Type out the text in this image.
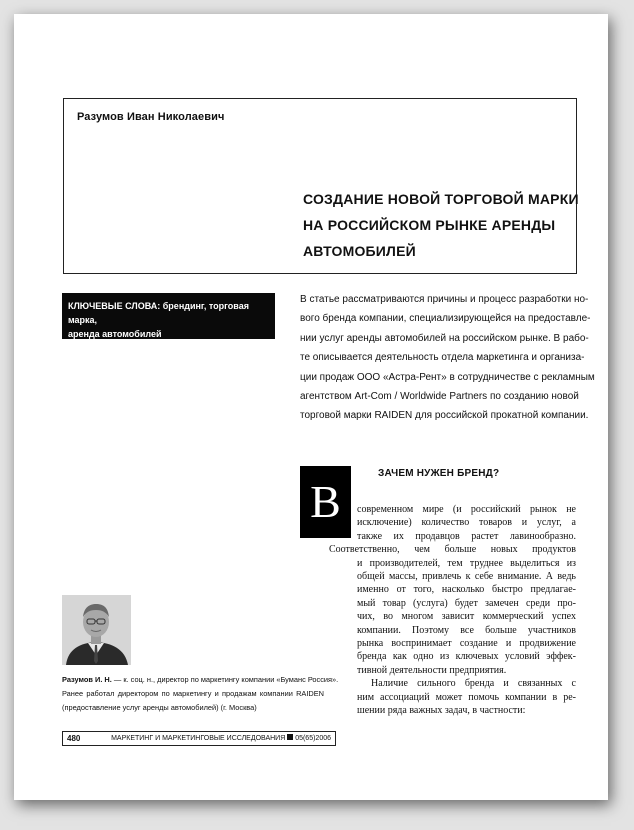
Разумов Иван Николаевич
СОЗДАНИЕ НОВОЙ ТОРГОВОЙ МАРКИ
НА РОССИЙСКОМ РЫНКЕ АРЕНДЫ
АВТОМОБИЛЕЙ
КЛЮЧЕВЫЕ СЛОВА: брендинг, торговая марка,
аренда автомобилей
В статье рассматриваются причины и процесс разработки но-
вого бренда компании, специализирующейся на предоставле-
нии услуг аренды автомобилей на российском рынке. В рабо-
те описывается деятельность отдела маркетинга и организа-
ции продаж ООО «Астра-Рент» в сотрудничестве с рекламным
агентством Art-Com / Worldwide Partners по созданию новой
торговой марки RAIDEN для российской прокатной компании.
В
ЗАЧЕМ НУЖЕН БРЕНД?
современном мире (и российский рынок не
исключение) количество товаров и услуг, а
также их продавцов растет лавинообразно.
Соответственно, чем больше новых продуктов
и производителей, тем труднее выделиться из
общей массы, привлечь к себе внимание. А ведь
именно от того, насколько быстро предлагае-
мый товар (услуга) будет замечен среди про-
чих, во многом зависит коммерческий успех
компании. Поэтому все больше участников
рынка воспринимает создание и продвижение
бренда как одно из ключевых условий эффек-
тивной деятельности предприятия.
Наличие сильного бренда и связанных с
ним ассоциаций может помочь компании в ре-
шении ряда важных задач, в частности:
Разумов И. Н. — к. соц. н., директор по маркетингу компании «Буманс Россия».
Ранее работал директором по маркетингу и продажам компании RAIDEN
(предоставление услуг аренды автомобилей) (г. Москва)
480	МАРКЕТИНГ И МАРКЕТИНГОВЫЕ ИССЛЕДОВАНИЯ 05(65)2006
